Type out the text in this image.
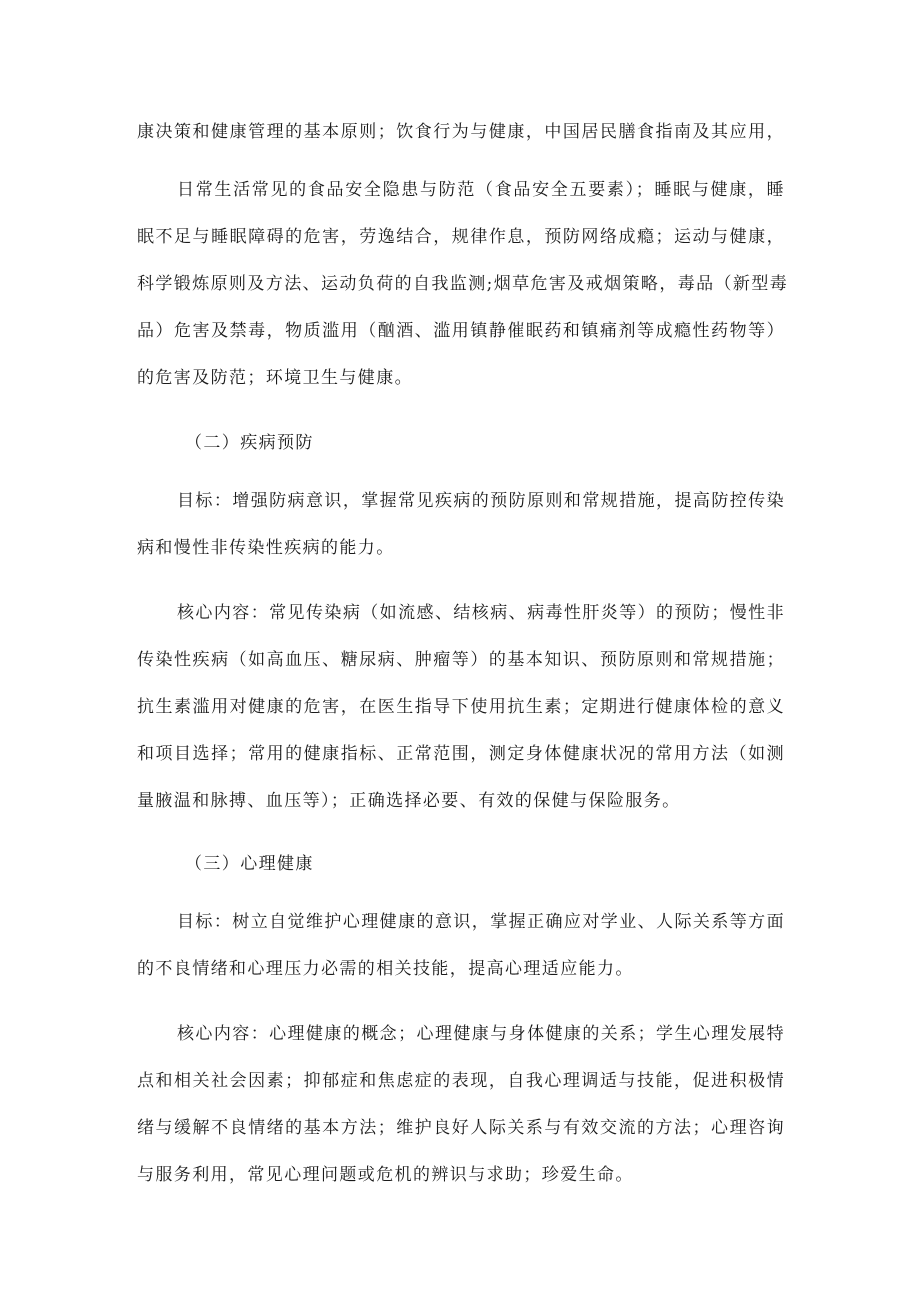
康决策和健康管理的基本原则；饮食行为与健康，中国居民膳食指南及其应用，
日常生活常见的食品安全隐患与防范（食品安全五要素）；睡眠与健康，睡
眠不足与睡眠障碍的危害，劳逸结合，规律作息，预防网络成瘾；运动与健康，
科学锻炼原则及方法、运动负荷的自我监测;烟草危害及戒烟策略，毒品（新型毒
品）危害及禁毒，物质滥用（酗酒、滥用镇静催眠药和镇痛剂等成瘾性药物等）
的危害及防范；环境卫生与健康。
（二）疾病预防
目标：增强防病意识，掌握常见疾病的预防原则和常规措施，提高防控传染
病和慢性非传染性疾病的能力。
核心内容：常见传染病（如流感、结核病、病毒性肝炎等）的预防；慢性非
传染性疾病（如高血压、糖尿病、肿瘤等）的基本知识、预防原则和常规措施；
抗生素滥用对健康的危害，在医生指导下使用抗生素；定期进行健康体检的意义
和项目选择；常用的健康指标、正常范围，测定身体健康状况的常用方法（如测
量腋温和脉搏、血压等）；正确选择必要、有效的保健与保险服务。
（三）心理健康
目标：树立自觉维护心理健康的意识，掌握正确应对学业、人际关系等方面
的不良情绪和心理压力必需的相关技能，提高心理适应能力。
核心内容：心理健康的概念；心理健康与身体健康的关系；学生心理发展特
点和相关社会因素；抑郁症和焦虑症的表现，自我心理调适与技能，促进积极情
绪与缓解不良情绪的基本方法；维护良好人际关系与有效交流的方法；心理咨询
与服务利用，常见心理问题或危机的辨识与求助；珍爱生命。
